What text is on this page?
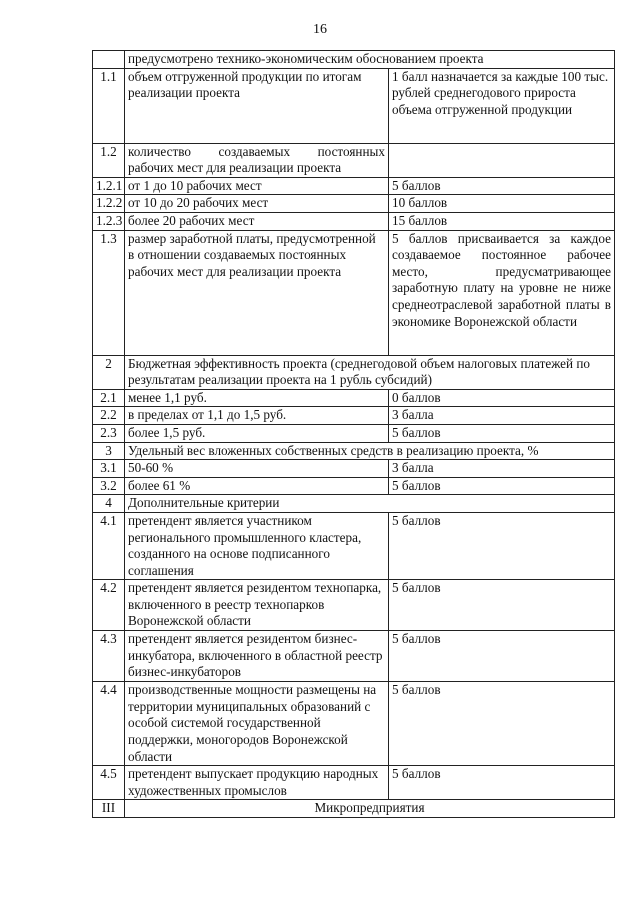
16
	предусмотрено технико-экономическим обоснованием проекта	
1.1	объем отгруженной продукции по итогам реализации проекта	1 балл назначается за каждые 100 тыс. рублей среднегодового прироста объема отгруженной продукции
1.2	количество создаваемых постоянных рабочих мест для реализации проекта	
1.2.1	от 1 до 10 рабочих мест	5 баллов
1.2.2	от 10 до 20 рабочих мест	10 баллов
1.2.3	более 20 рабочих мест	15 баллов
1.3	размер заработной платы, предусмотренной в отношении создаваемых постоянных рабочих мест для реализации проекта	5 баллов присваивается за каждое создаваемое постоянное рабочее место, предусматривающее заработную плату на уровне не ниже среднеотраслевой заработной платы в экономике Воронежской области
2	Бюджетная эффективность проекта (среднегодовой объем налоговых платежей по результатам реализации проекта на 1 рубль субсидий)	
2.1	менее 1,1 руб.	0 баллов
2.2	в пределах от 1,1 до 1,5 руб.	3 балла
2.3	более 1,5 руб.	5 баллов
3	Удельный вес вложенных собственных средств в реализацию проекта, %	
3.1	50-60 %	3 балла
3.2	более 61 %	5 баллов
4	Дополнительные критерии	
4.1	претендент является участником регионального промышленного кластера, созданного на основе подписанного соглашения	5 баллов
4.2	претендент является резидентом технопарка, включенного в реестр технопарков Воронежской области	5 баллов
4.3	претендент является резидентом бизнес-инкубатора, включенного в областной реестр бизнес-инкубаторов	5 баллов
4.4	производственные мощности размещены на территории муниципальных образований с особой системой государственной поддержки, моногородов Воронежской области	5 баллов
4.5	претендент выпускает продукцию народных художественных промыслов	5 баллов
III	Микропредприятия	
